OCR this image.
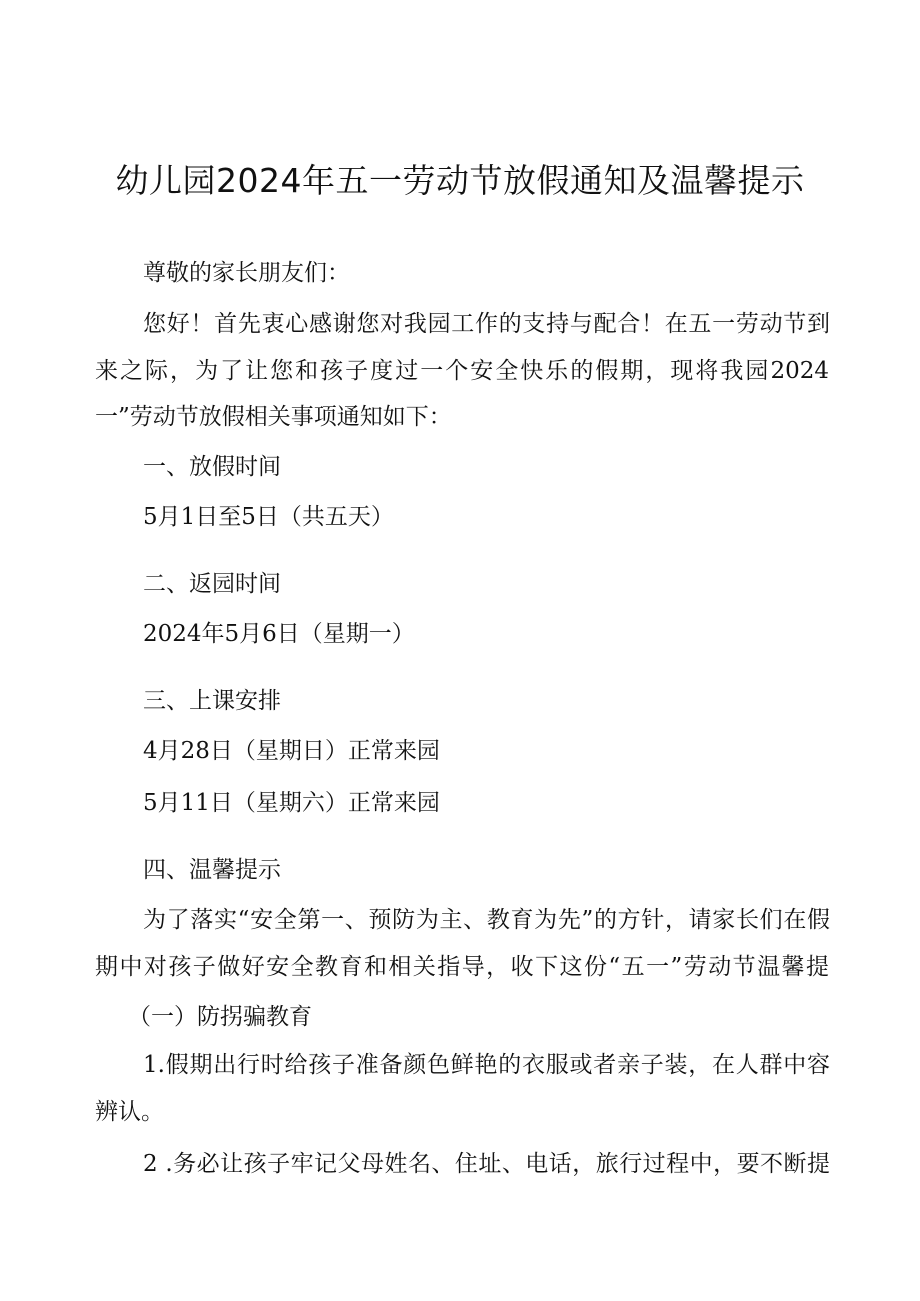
幼儿园2024年五一劳动节放假通知及温馨提示

尊敬的家长朋友们：

您好！首先衷心感谢您对我园工作的支持与配合！在五一劳动节到

来之际，为了让您和孩子度过一个安全快乐的假期，现将我园2024

一”劳动节放假相关事项通知如下：

一、放假时间

5月1日至5日（共五天）

二、返园时间

2024年5月6日（星期一）

三、上课安排

4月28日（星期日）正常来园

5月11日（星期六）正常来园

四、温馨提示

为了落实“安全第一、预防为主、教育为先”的方针，请家长们在假

期中对孩子做好安全教育和相关指导，收下这份“五一”劳动节温馨提

（一）防拐骗教育

1.假期出行时给孩子准备颜色鲜艳的衣服或者亲子装，在人群中容

辨认。

2 .务必让孩子牢记父母姓名、住址、电话，旅行过程中，要不断提
